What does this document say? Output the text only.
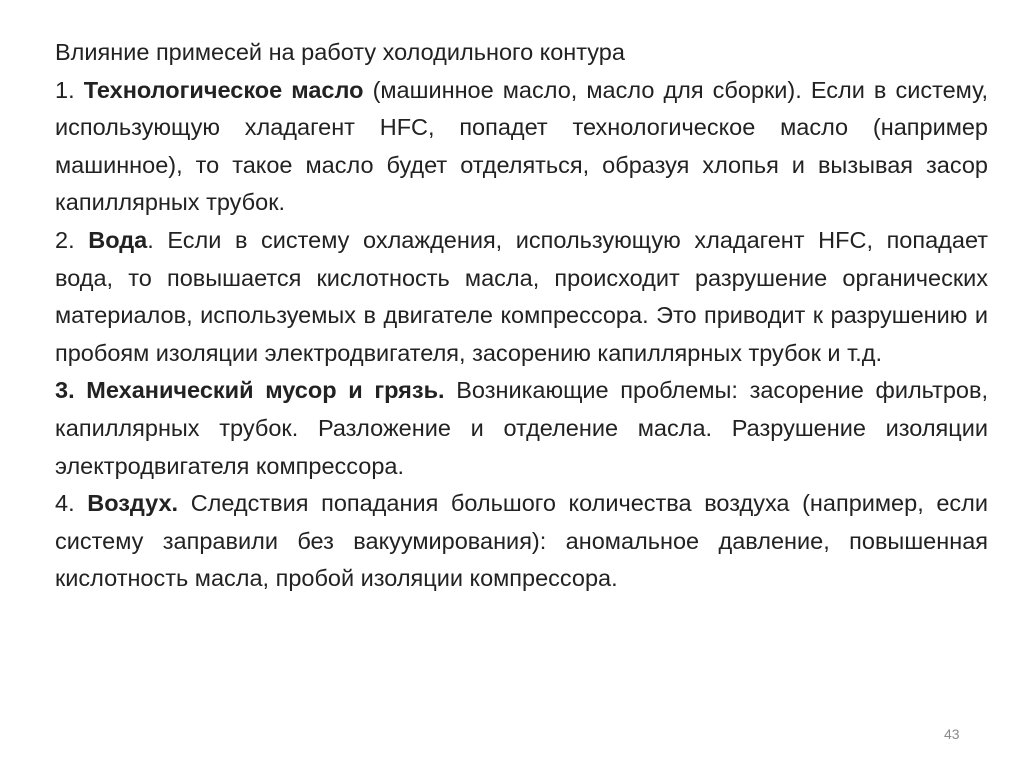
Влияние примесей на работу холодильного контура
1. Технологическое масло (машинное масло, масло для сборки). Если в систему, использующую хладагент HFC, попадет технологическое масло (например машинное), то такое масло будет отделяться, образуя хлопья и вызывая засор капиллярных трубок.
2. Вода. Если в систему охлаждения, использующую хладагент HFC, попадает вода, то повышается кислотность масла, происходит разрушение органических материалов, используемых в двигателе компрессора. Это приводит к разрушению и пробоям изоляции электродвигателя, засорению капиллярных трубок и т.д.
3. Механический мусор и грязь. Возникающие проблемы: засорение фильтров, капиллярных трубок. Разложение и отделение масла. Разрушение изоляции электродвигателя компрессора.
4. Воздух. Следствия попадания большого количества воздуха (например, если систему заправили без вакуумирования): аномальное давление, повышенная кислотность масла, пробой изоляции компрессора.
43
